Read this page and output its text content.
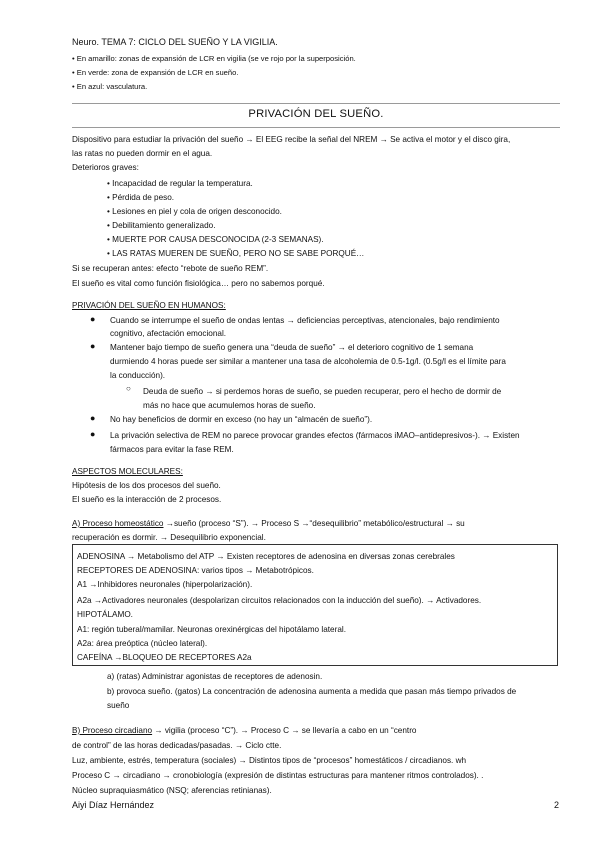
Neuro. TEMA 7: CICLO DEL SUEÑO Y LA VIGILIA.
• En amarillo: zonas de expansión de LCR en vigilia (se ve rojo por la superposición.
• En verde: zona de expansión de LCR en sueño.
• En azul: vasculatura.
PRIVACIÓN DEL SUEÑO.
Dispositivo para estudiar la privación del sueño → El EEG recibe la señal del NREM → Se activa el motor y el disco gira,
las ratas no pueden dormir en el agua.
Deterioros graves:
• Incapacidad de regular la temperatura.
• Pérdida de peso.
• Lesiones en piel y cola de origen desconocido.
• Debilitamiento generalizado.
• MUERTE POR CAUSA DESCONOCIDA (2-3 SEMANAS).
• LAS RATAS MUEREN DE SUEÑO, PERO NO SE SABE PORQUÉ…
Si se recuperan antes: efecto “rebote de sueño REM”.
El sueño es vital como función fisiológica… pero no sabemos porqué.
PRIVACIÓN DEL SUEÑO EN HUMANOS:
● Cuando se interrumpe el sueño de ondas lentas → deficiencias perceptivas, atencionales, bajo rendimiento
cognitivo, afectación emocional.
● Mantener bajo tiempo de sueño genera una “deuda de sueño” → el deterioro cognitivo de 1 semana
durmiendo 4 horas puede ser similar a mantener una tasa de alcoholemia de 0.5-1g/l. (0.5g/l es el límite para
la conducción).
○ Deuda de sueño → si perdemos horas de sueño, se pueden recuperar, pero el hecho de dormir de
más no hace que acumulemos horas de sueño.
● No hay beneficios de dormir en exceso (no hay un “almacén de sueño”).
● La privación selectiva de REM no parece provocar grandes efectos (fármacos iMAO–antidepresivos-). → Existen
fármacos para evitar la fase REM.
ASPECTOS MOLECULARES:
Hipótesis de los dos procesos del sueño.
El sueño es la interacción de 2 procesos.
A) Proceso homeostático →sueño (proceso “S”). → Proceso S →“desequilibrio” metabólico/estructural → su
recuperación es dormir. → Desequilibrio exponencial.
ADENOSINA → Metabolismo del ATP → Existen receptores de adenosina en diversas zonas cerebrales
RECEPTORES DE ADENOSINA: varios tipos → Metabotrópicos.
A1 →Inhibidores neuronales (hiperpolarización).
A2a →Activadores neuronales (despolarizan circuitos relacionados con la inducción del sueño). → Activadores.
HIPOTÁLAMO.
A1: región tuberal/mamilar. Neuronas orexinérgicas del hipotálamo lateral.
A2a: área preóptica (núcleo lateral).
CAFEÍNA →BLOQUEO DE RECEPTORES A2a
a) (ratas) Administrar agonistas de receptores de adenosin.
b) provoca sueño. (gatos) La concentración de adenosina aumenta a medida que pasan más tiempo privados de
sueño
B) Proceso circadiano → vigilia (proceso “C”). → Proceso C → se llevaría a cabo en un “centro
de control” de las horas dedicadas/pasadas. → Ciclo ctte.
Luz, ambiente, estrés, temperatura (sociales) → Distintos tipos de “procesos” homestáticos / circadianos. wh
Proceso C → circadiano → cronobiología (expresión de distintas estructuras para mantener ritmos controlados). .
Núcleo supraquiasmático (NSQ; aferencias retinianas).
Aiyi Díaz Hernández	2
